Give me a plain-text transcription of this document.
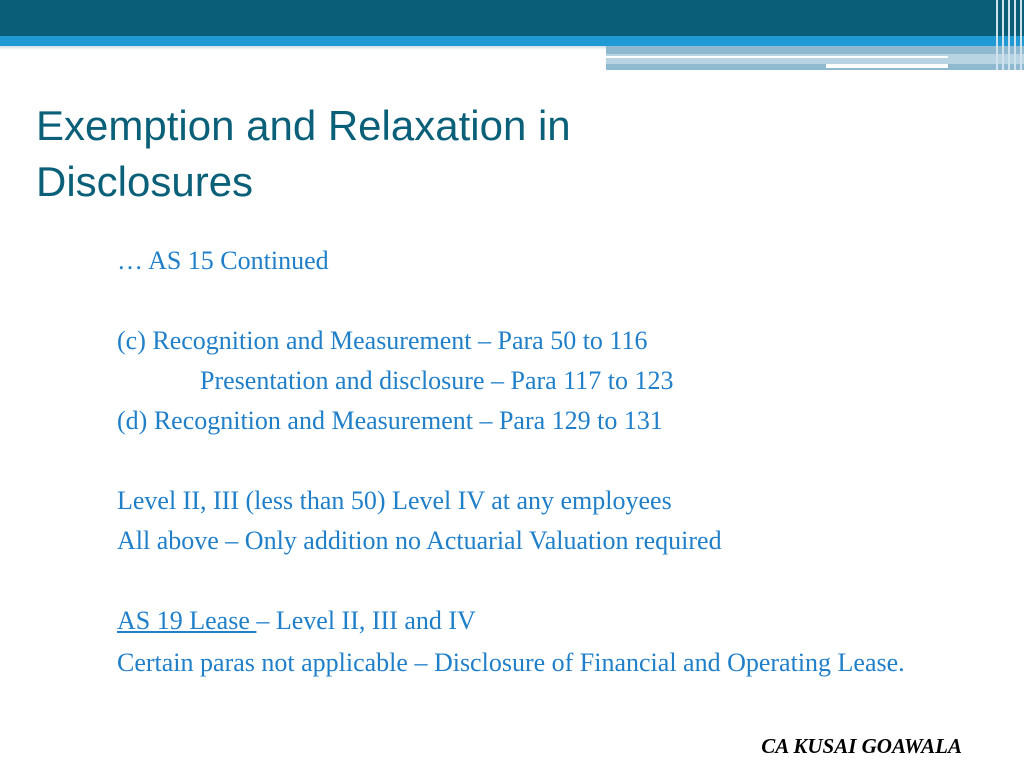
Exemption and Relaxation in Disclosures
… AS 15 Continued
(c) Recognition and Measurement – Para 50 to 116
Presentation and disclosure – Para 117 to 123
(d) Recognition and Measurement – Para 129 to 131
Level II, III (less than 50) Level IV at any employees
All above – Only addition no Actuarial Valuation required
AS 19 Lease – Level II, III and IV
Certain paras not applicable – Disclosure of Financial and Operating Lease.
CA KUSAI GOAWALA
